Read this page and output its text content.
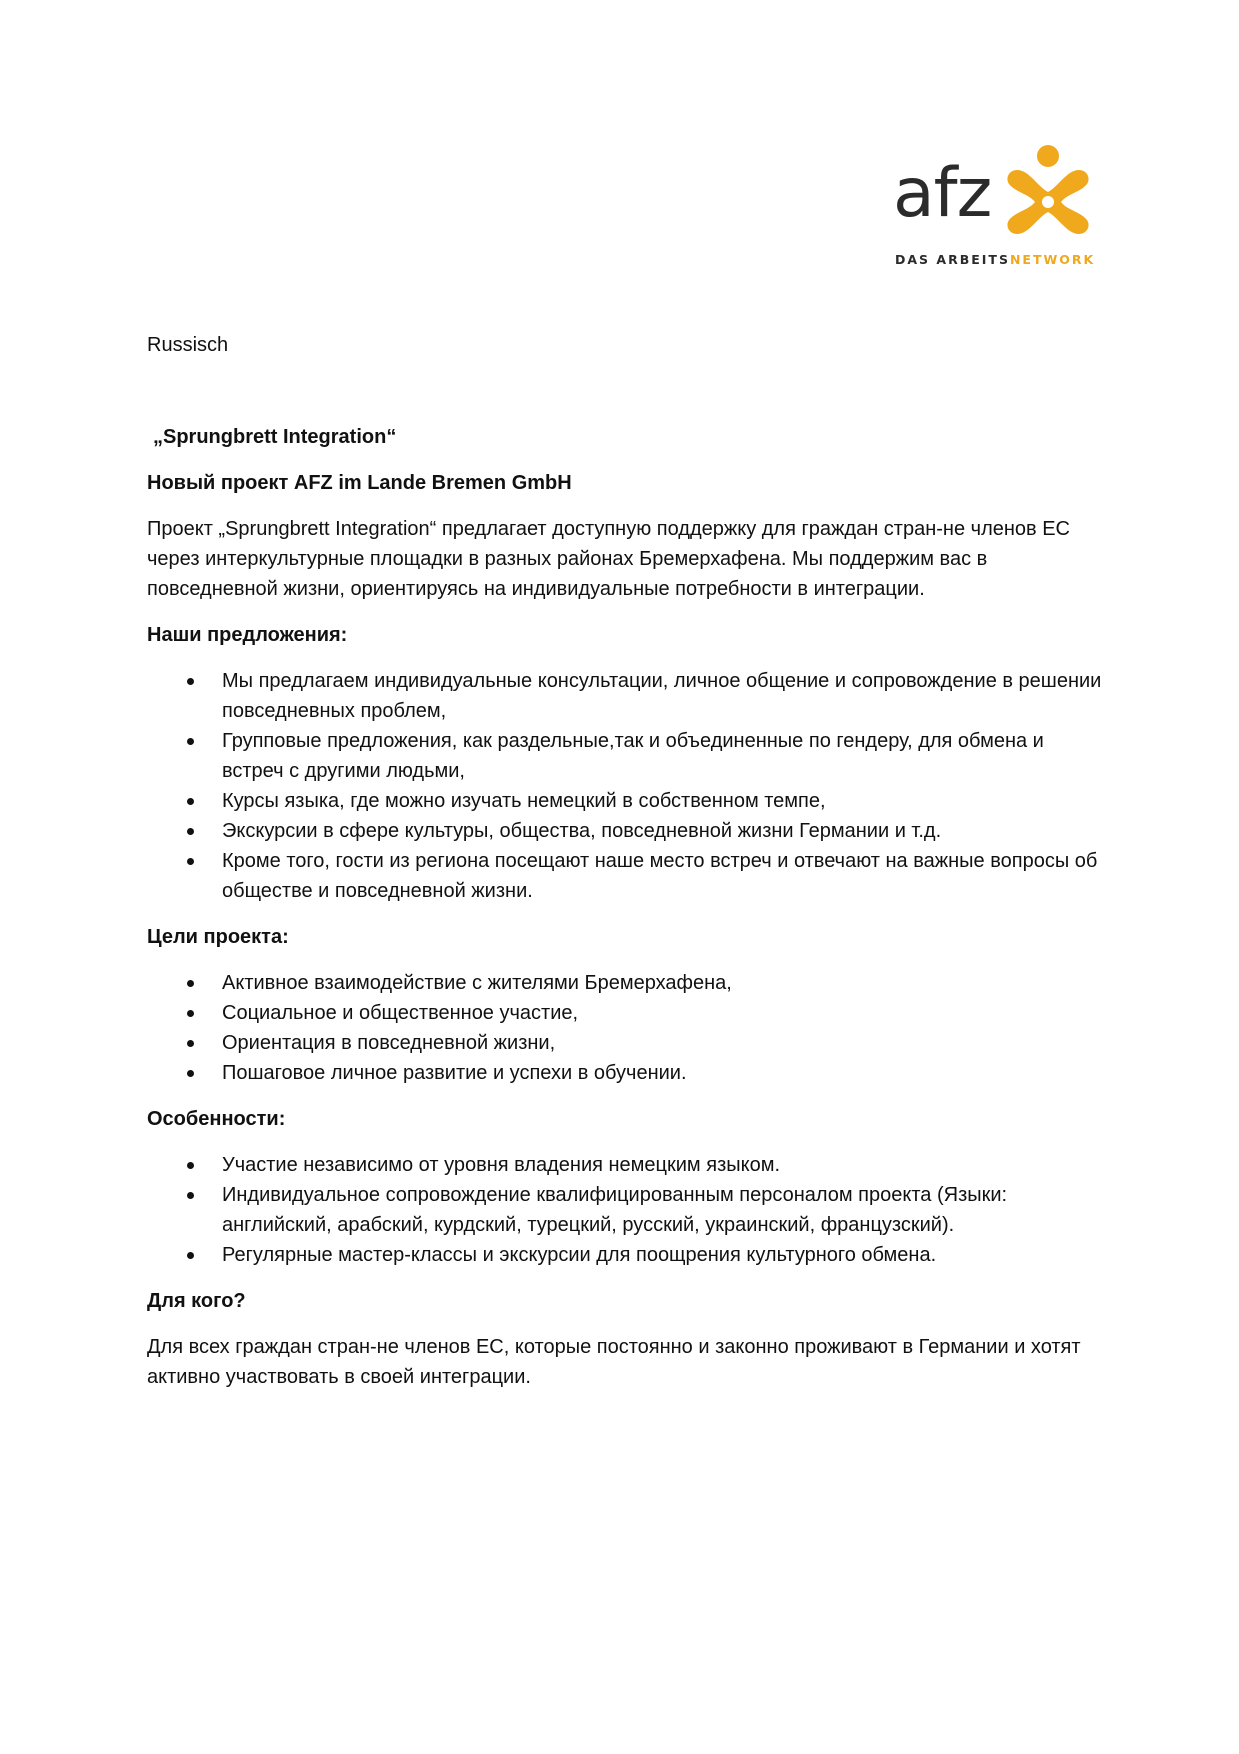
afz
DAS ARBEITSNETWORK
Russisch
„Sprungbrett Integration“
Новый проект AFZ im Lande Bremen GmbH
Проект „Sprungbrett Integration“ предлагает доступную поддержку для граждан стран-не членов ЕС через интеркультурные площадки в разных районах Бремерхафена. Мы поддержим вас в повседневной жизни, ориентируясь на индивидуальные потребности в интеграции.
Наши предложения:
Мы предлагаем индивидуальные консультации, личное общение и сопровождение в решении повседневных проблем,
Групповые предложения, как раздельные,так и объединенные по гендеру, для обмена и встреч с другими людьми,
Курсы языка, где можно изучать немецкий в собственном темпе,
Экскурсии в сфере культуры, общества, повседневной жизни Германии и т.д.
Кроме того, гости из региона посещают наше место встреч и отвечают на важные вопросы об обществе и повседневной жизни.
Цели проекта:
Активное взаимодействие с жителями Бремерхафена,
Социальное и общественное участие,
Ориентация в повседневной жизни,
Пошаговое личное развитие и успехи в обучении.
Особенности:
Участие независимо от уровня владения немецким языком.
Индивидуальное сопровождение квалифицированным персоналом проекта (Языки: английский, арабский, курдский, турецкий, русский, украинский, французский).
Регулярные мастер-классы и экскурсии для поощрения культурного обмена.
Для кого?
Для всех граждан стран-не членов ЕС, которые постоянно и законно проживают в Германии и хотят активно участвовать в своей интеграции.
